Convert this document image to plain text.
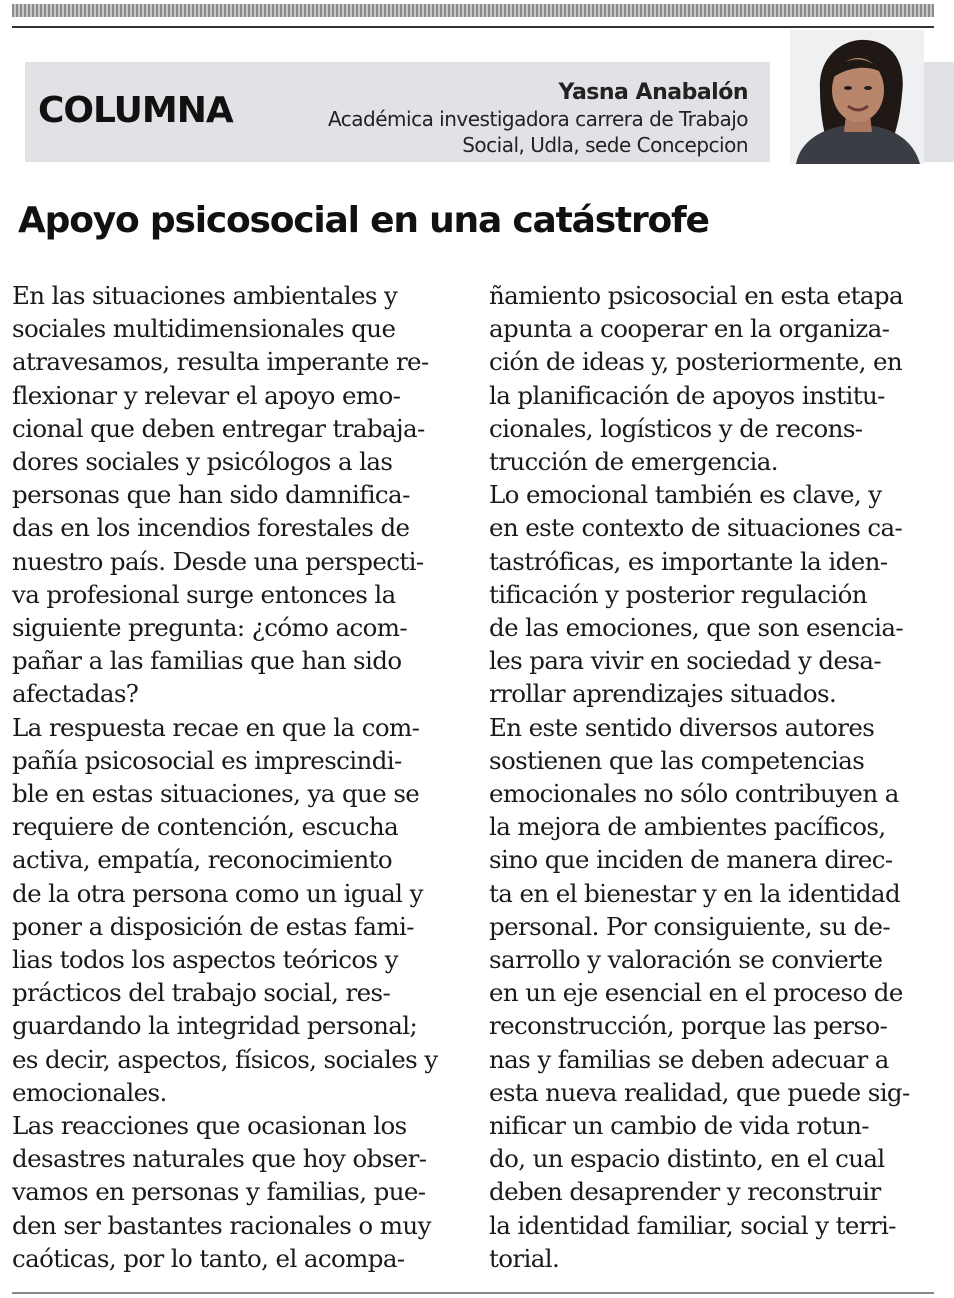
COLUMNA	Yasna Anabalón
Académica investigadora carrera de Trabajo
Social, Udla, sede Concepcion
Apoyo psicosocial en una catástrofe

En las situaciones ambientales y
sociales multidimensionales que
atravesamos, resulta imperante re-
flexionar y relevar el apoyo emo-
cional que deben entregar trabaja-
dores sociales y psicólogos a las
personas que han sido damnifica-
das en los incendios forestales de
nuestro país. Desde una perspecti-
va profesional surge entonces la
siguiente pregunta: ¿cómo acom-
pañar a las familias que han sido
afectadas?

La respuesta recae en que la com-
pañía psicosocial es imprescindi-
ble en estas situaciones, ya que se
requiere de contención, escucha
activa, empatía, reconocimiento
de la otra persona como un igual y
poner a disposición de estas fami-
lias todos los aspectos teóricos y
prácticos del trabajo social, res-
guardando la integridad personal;
es decir, aspectos, físicos, sociales y
emocionales.

Las reacciones que ocasionan los
desastres naturales que hoy obser-
vamos en personas y familias, pue-
den ser bastantes racionales o muy
caóticas, por lo tanto, el acompa-

ñamiento psicosocial en esta etapa
apunta a cooperar en la organiza-
ción de ideas y, posteriormente, en
la planificación de apoyos institu-
cionales, logísticos y de recons-
trucción de emergencia.

Lo emocional también es clave, y
en este contexto de situaciones ca-
tastróficas, es importante la iden-
tificación y posterior regulación
de las emociones, que son esencia-
les para vivir en sociedad y desa-
rrollar aprendizajes situados.

En este sentido diversos autores
sostienen que las competencias
emocionales no sólo contribuyen a
la mejora de ambientes pacíficos,
sino que inciden de manera direc-
ta en el bienestar y en la identidad
personal. Por consiguiente, su de-
sarrollo y valoración se convierte
en un eje esencial en el proceso de
reconstrucción, porque las perso-
nas y familias se deben adecuar a
esta nueva realidad, que puede sig-
nificar un cambio de vida rotun-
do, un espacio distinto, en el cual
deben desaprender y reconstruir
la identidad familiar, social y terri-
torial.
